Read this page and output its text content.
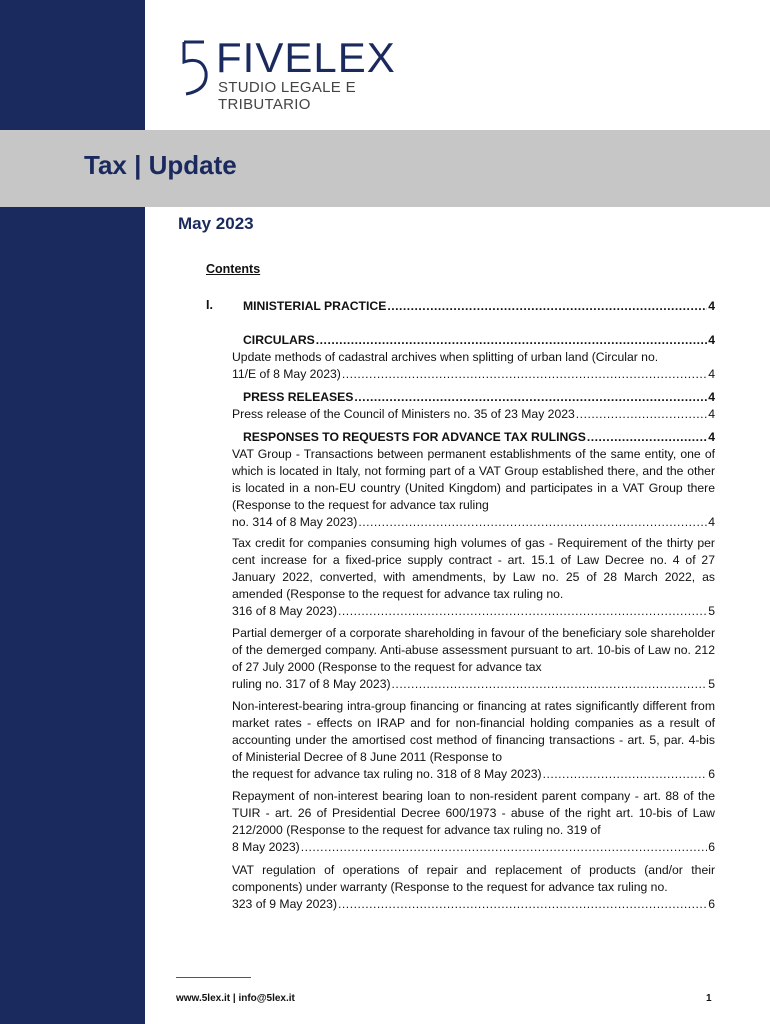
FIVELEX
STUDIO LEGALE E TRIBUTARIO
Tax | Update
May 2023
Contents
I. MINISTERIAL PRACTICE .....	4
CIRCULARS .....	4
Update methods of cadastral archives when splitting of urban land (Circular no.
11/E of 8 May 2023) .....	4
PRESS RELEASES .....	4
Press release of the Council of Ministers no. 35 of 23 May 2023 .....	4
RESPONSES TO REQUESTS FOR ADVANCE TAX RULINGS .....	4
VAT Group - Transactions between permanent establishments of the same entity, one of which is located in Italy, not forming part of a VAT Group established there, and the other is located in a non-EU country (United Kingdom) and participates in a VAT Group there (Response to the request for advance tax ruling
no. 314 of 8 May 2023) .....	4
Tax credit for companies consuming high volumes of gas - Requirement of the thirty per cent increase for a fixed-price supply contract - art. 15.1 of Law Decree no. 4 of 27 January 2022, converted, with amendments, by Law no. 25 of 28 March 2022, as amended (Response to the request for advance tax ruling no.
316 of 8 May 2023) .....	5
Partial demerger of a corporate shareholding in favour of the beneficiary sole shareholder of the demerged company. Anti-abuse assessment pursuant to art. 10-bis of Law no. 212 of 27 July 2000 (Response to the request for advance tax
ruling no. 317 of 8 May 2023) .....	5
Non-interest-bearing intra-group financing or financing at rates significantly different from market rates - effects on IRAP and for non-financial holding companies as a result of accounting under the amortised cost method of financing transactions - art. 5, par. 4-bis of Ministerial Decree of 8 June 2011 (Response to
the request for advance tax ruling no. 318 of 8 May 2023) .....	6
Repayment of non-interest bearing loan to non-resident parent company - art. 88 of the TUIR - art. 26 of Presidential Decree 600/1973 - abuse of the right art. 10-bis of Law 212/2000 (Response to the request for advance tax ruling no. 319 of
8 May 2023) .....	6
VAT regulation of operations of repair and replacement of products (and/or their components) under warranty (Response to the request for advance tax ruling no.
323 of 9 May 2023) .....	6
www.5lex.it | info@5lex.it	1
